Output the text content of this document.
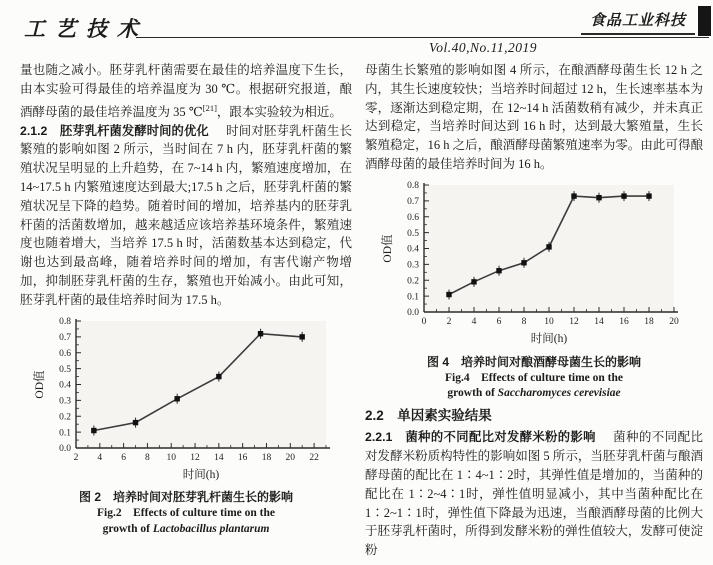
工艺技术	食品工业科技
Vol.40,No.11,2019

量也随之减小。胚芽乳杆菌需要在最佳的培养温度下生长，由本实验可得最佳的培养温度为 30 ℃。根据研究报道，酿酒酵母菌的最佳培养温度为 35 ℃[21]，跟本实验较为相近。

2.1.2　胚芽乳杆菌发酵时间的优化 时间对胚芽乳杆菌生长繁殖的影响如图 2 所示，当时间在 7 h 内，胚芽乳杆菌的繁殖状况呈明显的上升趋势，在 7~14 h 内，繁殖速度增加，在 14~17.5 h 内繁殖速度达到最大;17.5 h 之后，胚芽乳杆菌的繁殖状况呈下降的趋势。随着时间的增加，培养基内的胚芽乳杆菌的活菌数增加，越来越适应该培养基环境条件，繁殖速度也随着增大，当培养 17.5 h 时，活菌数基本达到稳定，代谢也达到最高峰，随着培养时间的增加，有害代谢产物增加，抑制胚芽乳杆菌的生存，繁殖也开始减小。由此可知，胚芽乳杆菌的最佳培养时间为 17.5 h。

0.0
0.1
0.2
0.3
0.4
0.5
0.6
0.7
0.8
2 4 6 8 10 12 14 16 18 20 22
时间(h)
OD值
图 2　培养时间对胚芽乳杆菌生长的影响
Fig.2　Effects of culture time on the
growth of Lactobacillus plantarum

母菌生长繁殖的影响如图 4 所示，在酿酒酵母菌生长 12 h 之内，其生长速度较快；当培养时间超过 12 h，生长速率基本为零，逐渐达到稳定期，在 12~14 h 活菌数稍有减少，并未真正达到稳定，当培养时间达到 16 h 时，达到最大繁殖量，生长繁殖稳定，16 h 之后，酿酒酵母菌繁殖速率为零。由此可得酿酒酵母菌的最佳培养时间为 16 h。

0.0
0.1
0.2
0.3
0.4
0.5
0.6
0.7
0.8
0 2 4 6 8 10 12 14 16 18 20
时间(h)
OD值
图 4　培养时间对酿酒酵母菌生长的影响
Fig.4　Effects of culture time on the
growth of Saccharomyces cerevisiae
2.2　单因素实验结果

2.2.1　菌种的不同配比对发酵米粉的影响 菌种的不同配比对发酵米粉质构特性的影响如图 5 所示，当胚芽乳杆菌与酿酒酵母菌的配比在 1∶4~1∶2时，其弹性值是增加的，当菌种的配比在 1∶2~4∶1时，弹性值明显减小，其中当菌种配比在 1∶2~1∶1时，弹性值下降最为迅速，当酿酒酵母菌的比例大于胚芽乳杆菌时，所得到发酵米粉的弹性值较大，发酵可使淀粉
